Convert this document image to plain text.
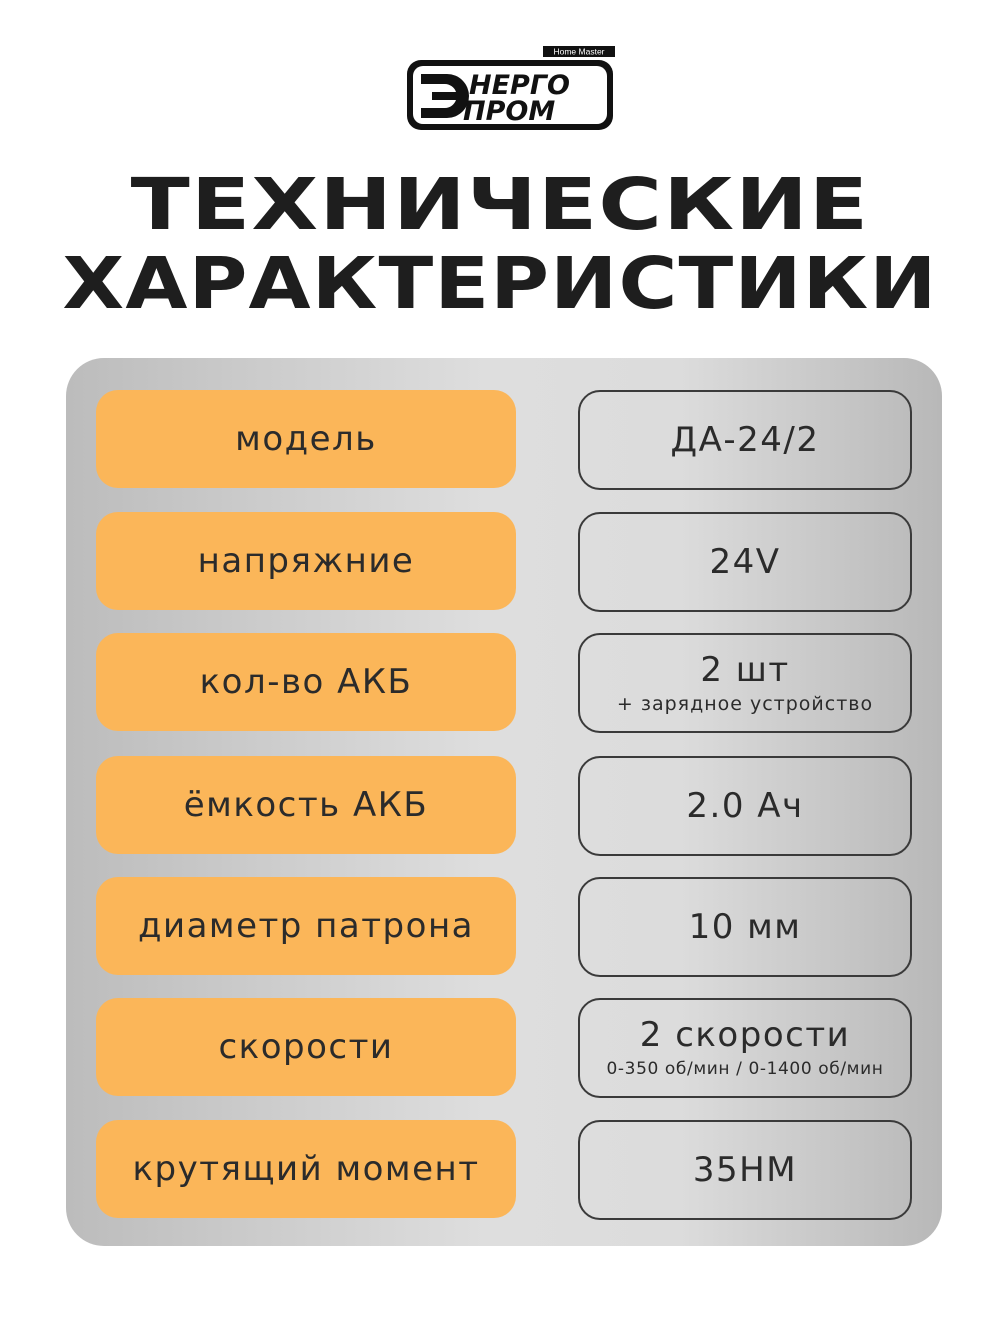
Home Master
НЕРГО
ПРОМ
ТЕХНИЧЕСКИЕ
ХАРАКТЕРИСТИКИ
модель	ДА-24/2
напряжние	24V
кол-во АКБ	2 шт
+ зарядное устройство
ёмкость АКБ	2.0 Ач
диаметр патрона	10 мм
скорости	2 скорости
0-350 об/мин / 0-1400 об/мин
крутящий момент	35НМ
